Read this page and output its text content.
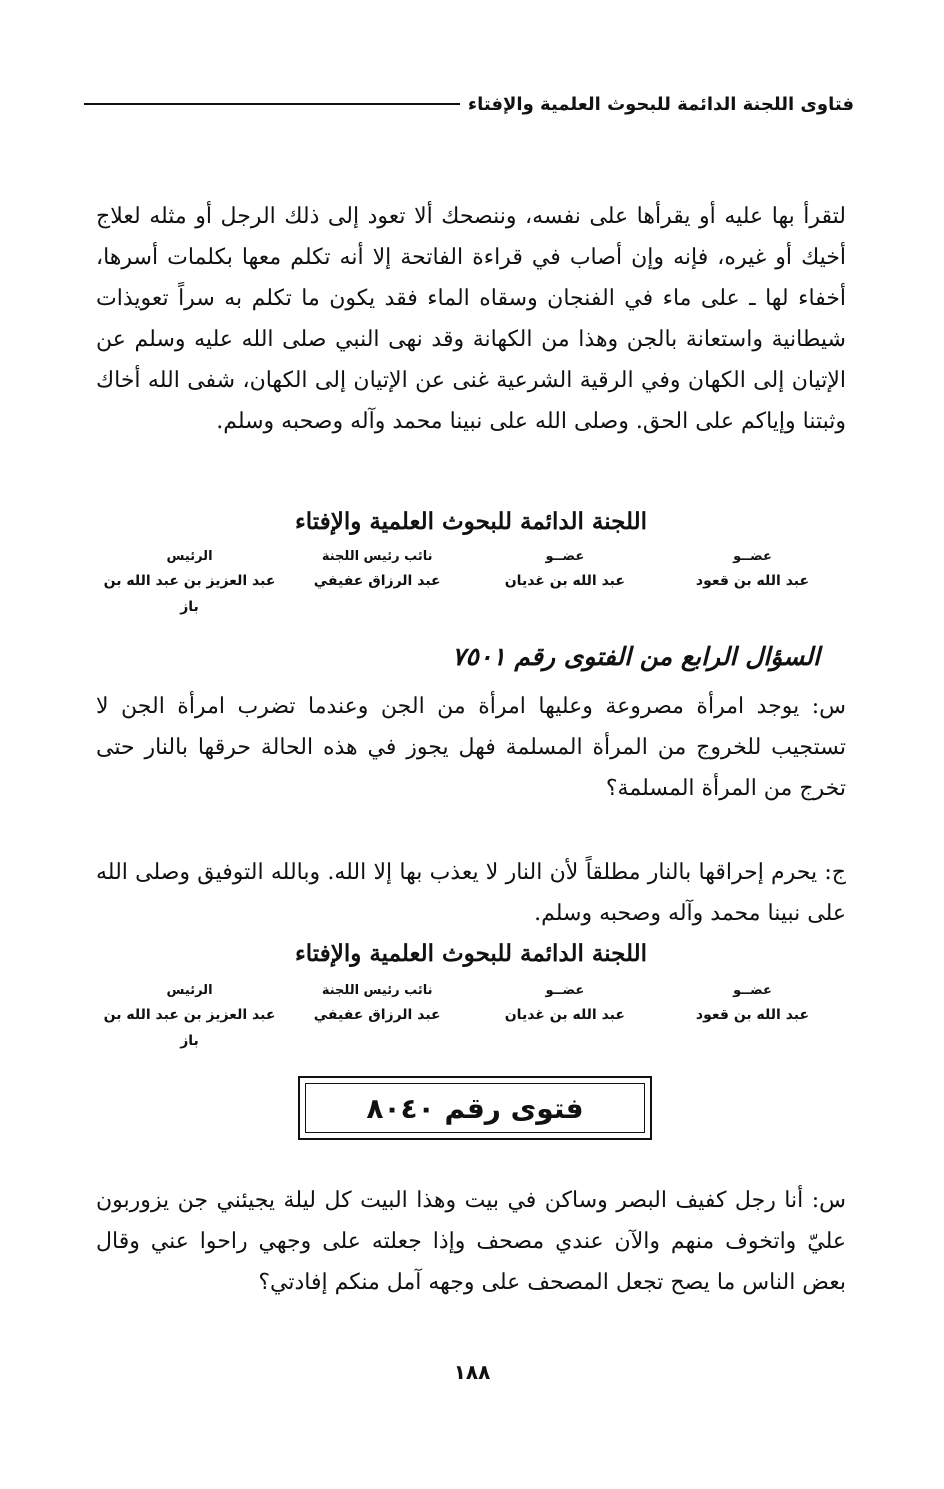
فتاوى اللجنة الدائمة للبحوث العلمية والإفتاء
لتقرأ بها عليه أو يقرأها على نفسه، وننصحك ألا تعود إلى ذلك الرجل أو مثله لعلاج أخيك أو غيره، فإنه وإن أصاب في قراءة الفاتحة إلا أنه تكلم معها بكلمات أسرها، أخفاء لها ـ على ماء في الفنجان وسقاه الماء فقد يكون ما تكلم به سراً تعويذات شيطانية واستعانة بالجن وهذا من الكهانة وقد نهى النبي صلى الله عليه وسلم عن الإتيان إلى الكهان وفي الرقية الشرعية غنى عن الإتيان إلى الكهان، شفى الله أخاك وثبتنا وإياكم على الحق. وصلى الله على نبينا محمد وآله وصحبه وسلم.
اللجنة الدائمة للبحوث العلمية والإفتاء
عضــو
عضــو
نائب رئيس اللجنة
الرئيس
عبد الله بن قعود
عبد الله بن غديان
عبد الرزاق عفيفي
عبد العزيز بن عبد الله بن باز
السؤال الرابع من الفتوى رقم ٧٥٠١
س: يوجد امرأة مصروعة وعليها امرأة من الجن وعندما تضرب امرأة الجن لا تستجيب للخروج من المرأة المسلمة فهل يجوز في هذه الحالة حرقها بالنار حتى تخرج من المرأة المسلمة؟
ج: يحرم إحراقها بالنار مطلقاً لأن النار لا يعذب بها إلا الله. وبالله التوفيق وصلى الله على نبينا محمد وآله وصحبه وسلم.
اللجنة الدائمة للبحوث العلمية والإفتاء
عضــو
عضــو
نائب رئيس اللجنة
الرئيس
عبد الله بن قعود
عبد الله بن غديان
عبد الرزاق عفيفي
عبد العزيز بن عبد الله بن باز
فتوى رقم ٨٠٤٠
س: أنا رجل كفيف البصر وساكن في بيت وهذا البيت كل ليلة يجيئني جن يزوربون عليّ واتخوف منهم والآن عندي مصحف وإذا جعلته على وجهي راحوا عني وقال بعض الناس ما يصح تجعل المصحف على وجهه آمل منكم إفادتي؟
١٨٨
